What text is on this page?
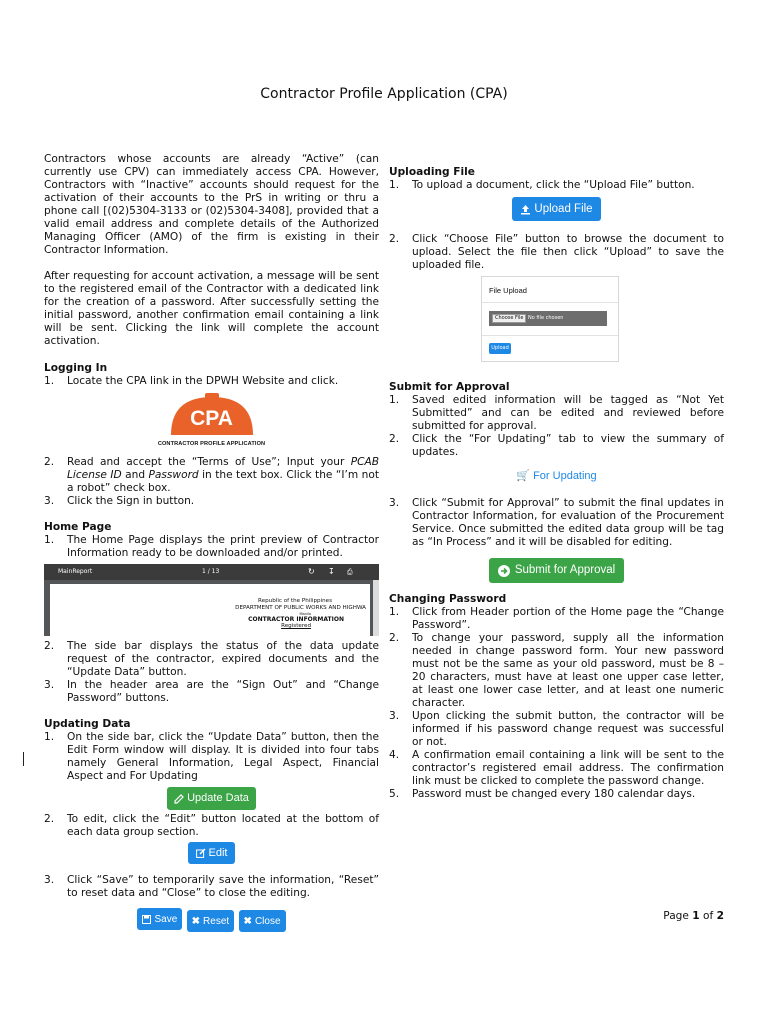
Contractor Profile Application (CPA)

Contractors whose accounts are already “Active” (can currently use CPV) can immediately access CPA. However, Contractors with “Inactive” accounts should request for the activation of their accounts to the PrS in writing or thru a phone call [(02)5304-3133 or (02)5304-3408], provided that a valid email address and complete details of the Authorized Managing Officer (AMO) of the firm is existing in their Contractor Information.

After requesting for account activation, a message will be sent to the registered email of the Contractor with a dedicated link for the creation of a password. After successfully setting the initial password, another confirmation email containing a link will be sent. Clicking the link will complete the account activation.

Logging In
1. Locate the CPA link in the DPWH Website and click.
CPA
CONTRACTOR PROFILE APPLICATION
2. Read and accept the “Terms of Use”; Input your PCAB License ID and Password in the text box. Click the “I’m not a robot” check box.
3. Click the Sign in button.
Home Page
1. The Home Page displays the print preview of Contractor Information ready to be downloaded and/or printed.
MainReport	1 / 13	↻ ↧ ⎙
Republic of the Philippines
DEPARTMENT OF PUBLIC WORKS AND HIGHWA
Manila
CONTRACTOR INFORMATION
Registered
2. The side bar displays the status of the data update request of the contractor, expired documents and the “Update Data” button.
3. In the header area are the “Sign Out” and “Change Password” buttons.
Updating Data
1. On the side bar, click the “Update Data” button, then the Edit Form window will display. It is divided into four tabs namely General Information, Legal Aspect, Financial Aspect and For Updating
Update Data
2. To edit, click the “Edit” button located at the bottom of each data group section.
Edit
3. Click “Save” to temporarily save the information, “Reset” to reset data and “Close” to close the editing.
Save
✖ Reset
✖ Close
Uploading File
1. To upload a document, click the “Upload File” button.
Upload File
2. Click “Choose File” button to browse the document to upload. Select the file then click “Upload” to save the uploaded file.
File Upload
Choose File No file chosen
Upload
Submit for Approval
1. Saved edited information will be tagged as “Not Yet Submitted” and can be edited and reviewed before submitted for approval.
2. Click the “For Updating” tab to view the summary of updates.
🛒 For Updating
3. Click “Submit for Approval” to submit the final updates in Contractor Information, for evaluation of the Procurement Service. Once submitted the edited data group will be tag as “In Process” and it will be disabled for editing.
Submit for Approval
Changing Password
1. Click from Header portion of the Home page the “Change Password”.
2. To change your password, supply all the information needed in change password form. Your new password must not be the same as your old password, must be 8 – 20 characters, must have at least one upper case letter, at least one lower case letter, and at least one numeric character.
3. Upon clicking the submit button, the contractor will be informed if his password change request was successful or not.
4. A confirmation email containing a link will be sent to the contractor’s registered email address. The confirmation link must be clicked to complete the password change.
5. Password must be changed every 180 calendar days.
Page 1 of 2
